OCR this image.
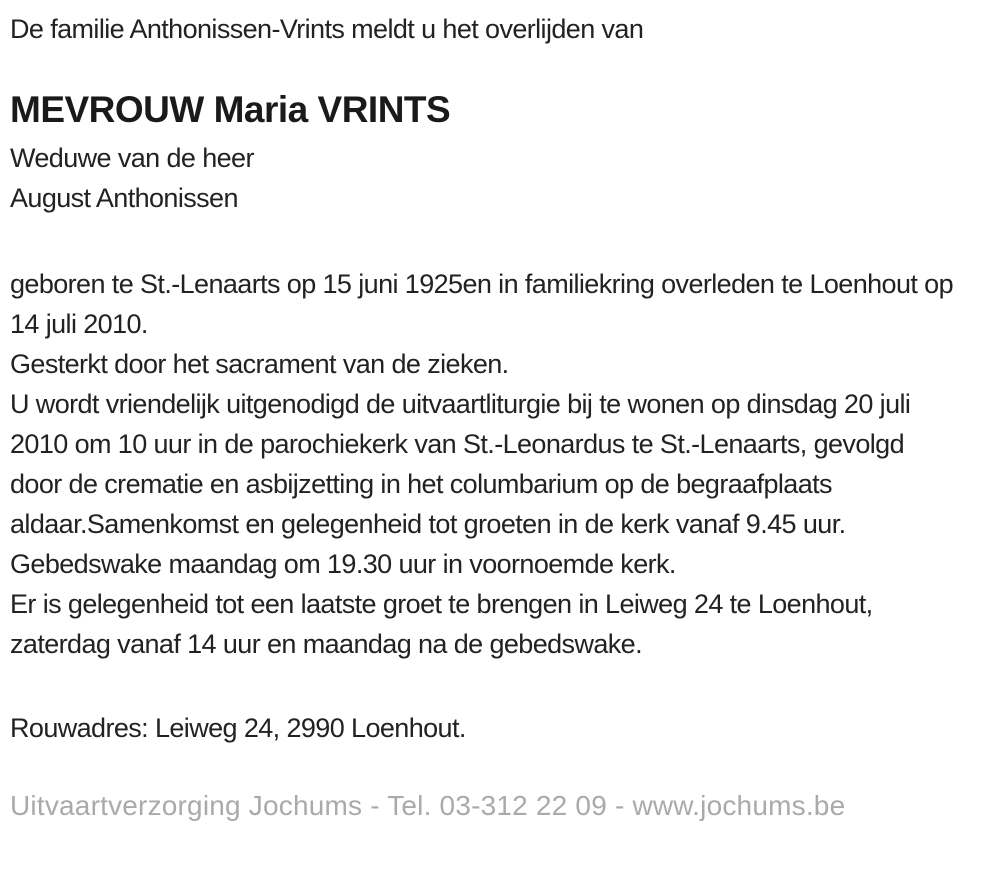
De familie Anthonissen-Vrints meldt u het overlijden van
MEVROUW Maria VRINTS
Weduwe van de heer
August Anthonissen
geboren te St.-Lenaarts op 15 juni 1925en in familiekring overleden te Loenhout op 14 juli 2010.
Gesterkt door het sacrament van de zieken.
U wordt vriendelijk uitgenodigd de uitvaartliturgie bij te wonen op dinsdag 20 juli 2010 om 10 uur in de parochiekerk van St.-Leonardus te St.-Lenaarts, gevolgd door de crematie en asbijzetting in het columbarium op de begraafplaats aldaar.Samenkomst en gelegenheid tot groeten in de kerk vanaf 9.45 uur.
Gebedswake maandag om 19.30 uur in voornoemde kerk.
Er is gelegenheid tot een laatste groet te brengen in Leiweg 24 te Loenhout, zaterdag vanaf 14 uur en maandag na de gebedswake.
Rouwadres: Leiweg 24, 2990 Loenhout.
Uitvaartverzorging Jochums - Tel. 03-312 22 09 - www.jochums.be
